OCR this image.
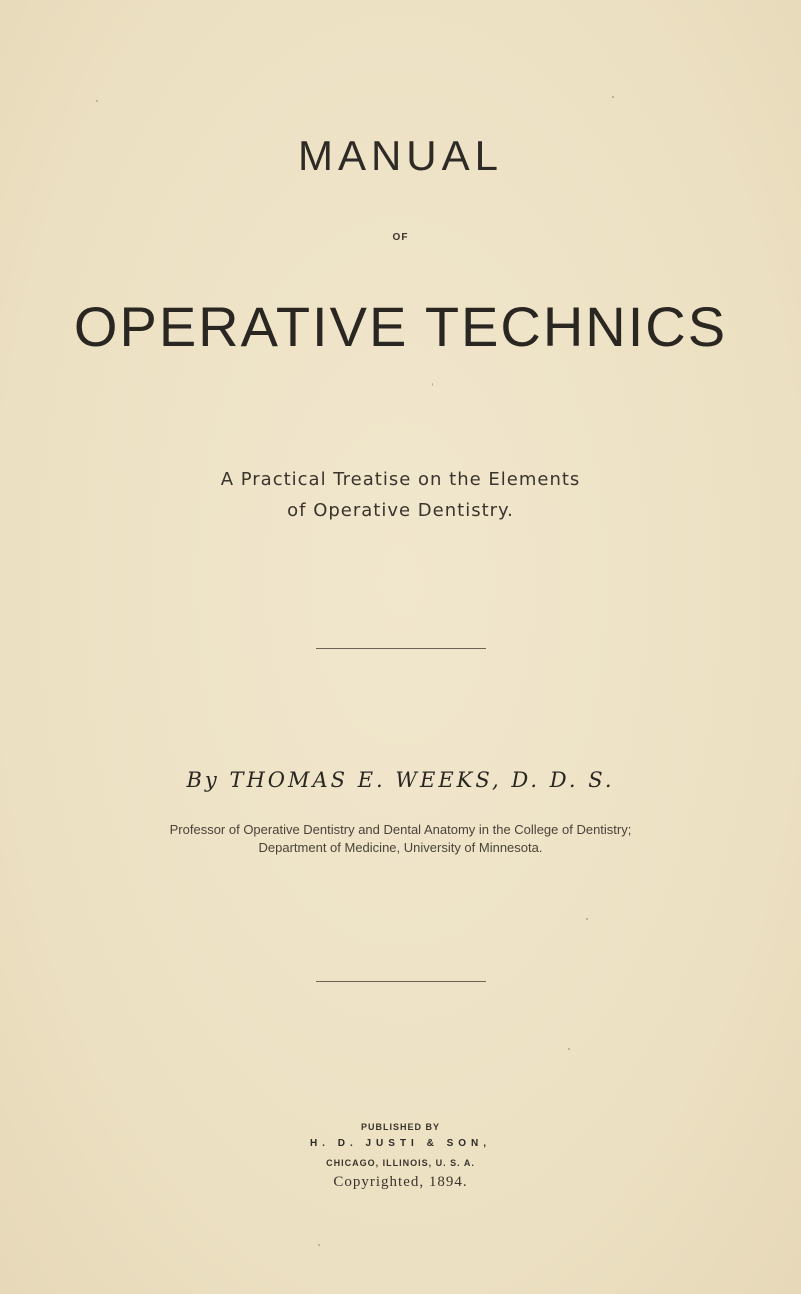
MANUAL
OF
OPERATIVE TECHNICS
A Practical Treatise on the Elements
of Operative Dentistry.
By THOMAS E. WEEKS, D. D. S.
Professor of Operative Dentistry and Dental Anatomy in the College of Dentistry;
Department of Medicine, University of Minnesota.
PUBLISHED BY
H. D. JUSTI & SON,
CHICAGO, ILLINOIS, U. S. A.
Copyrighted, 1894.
